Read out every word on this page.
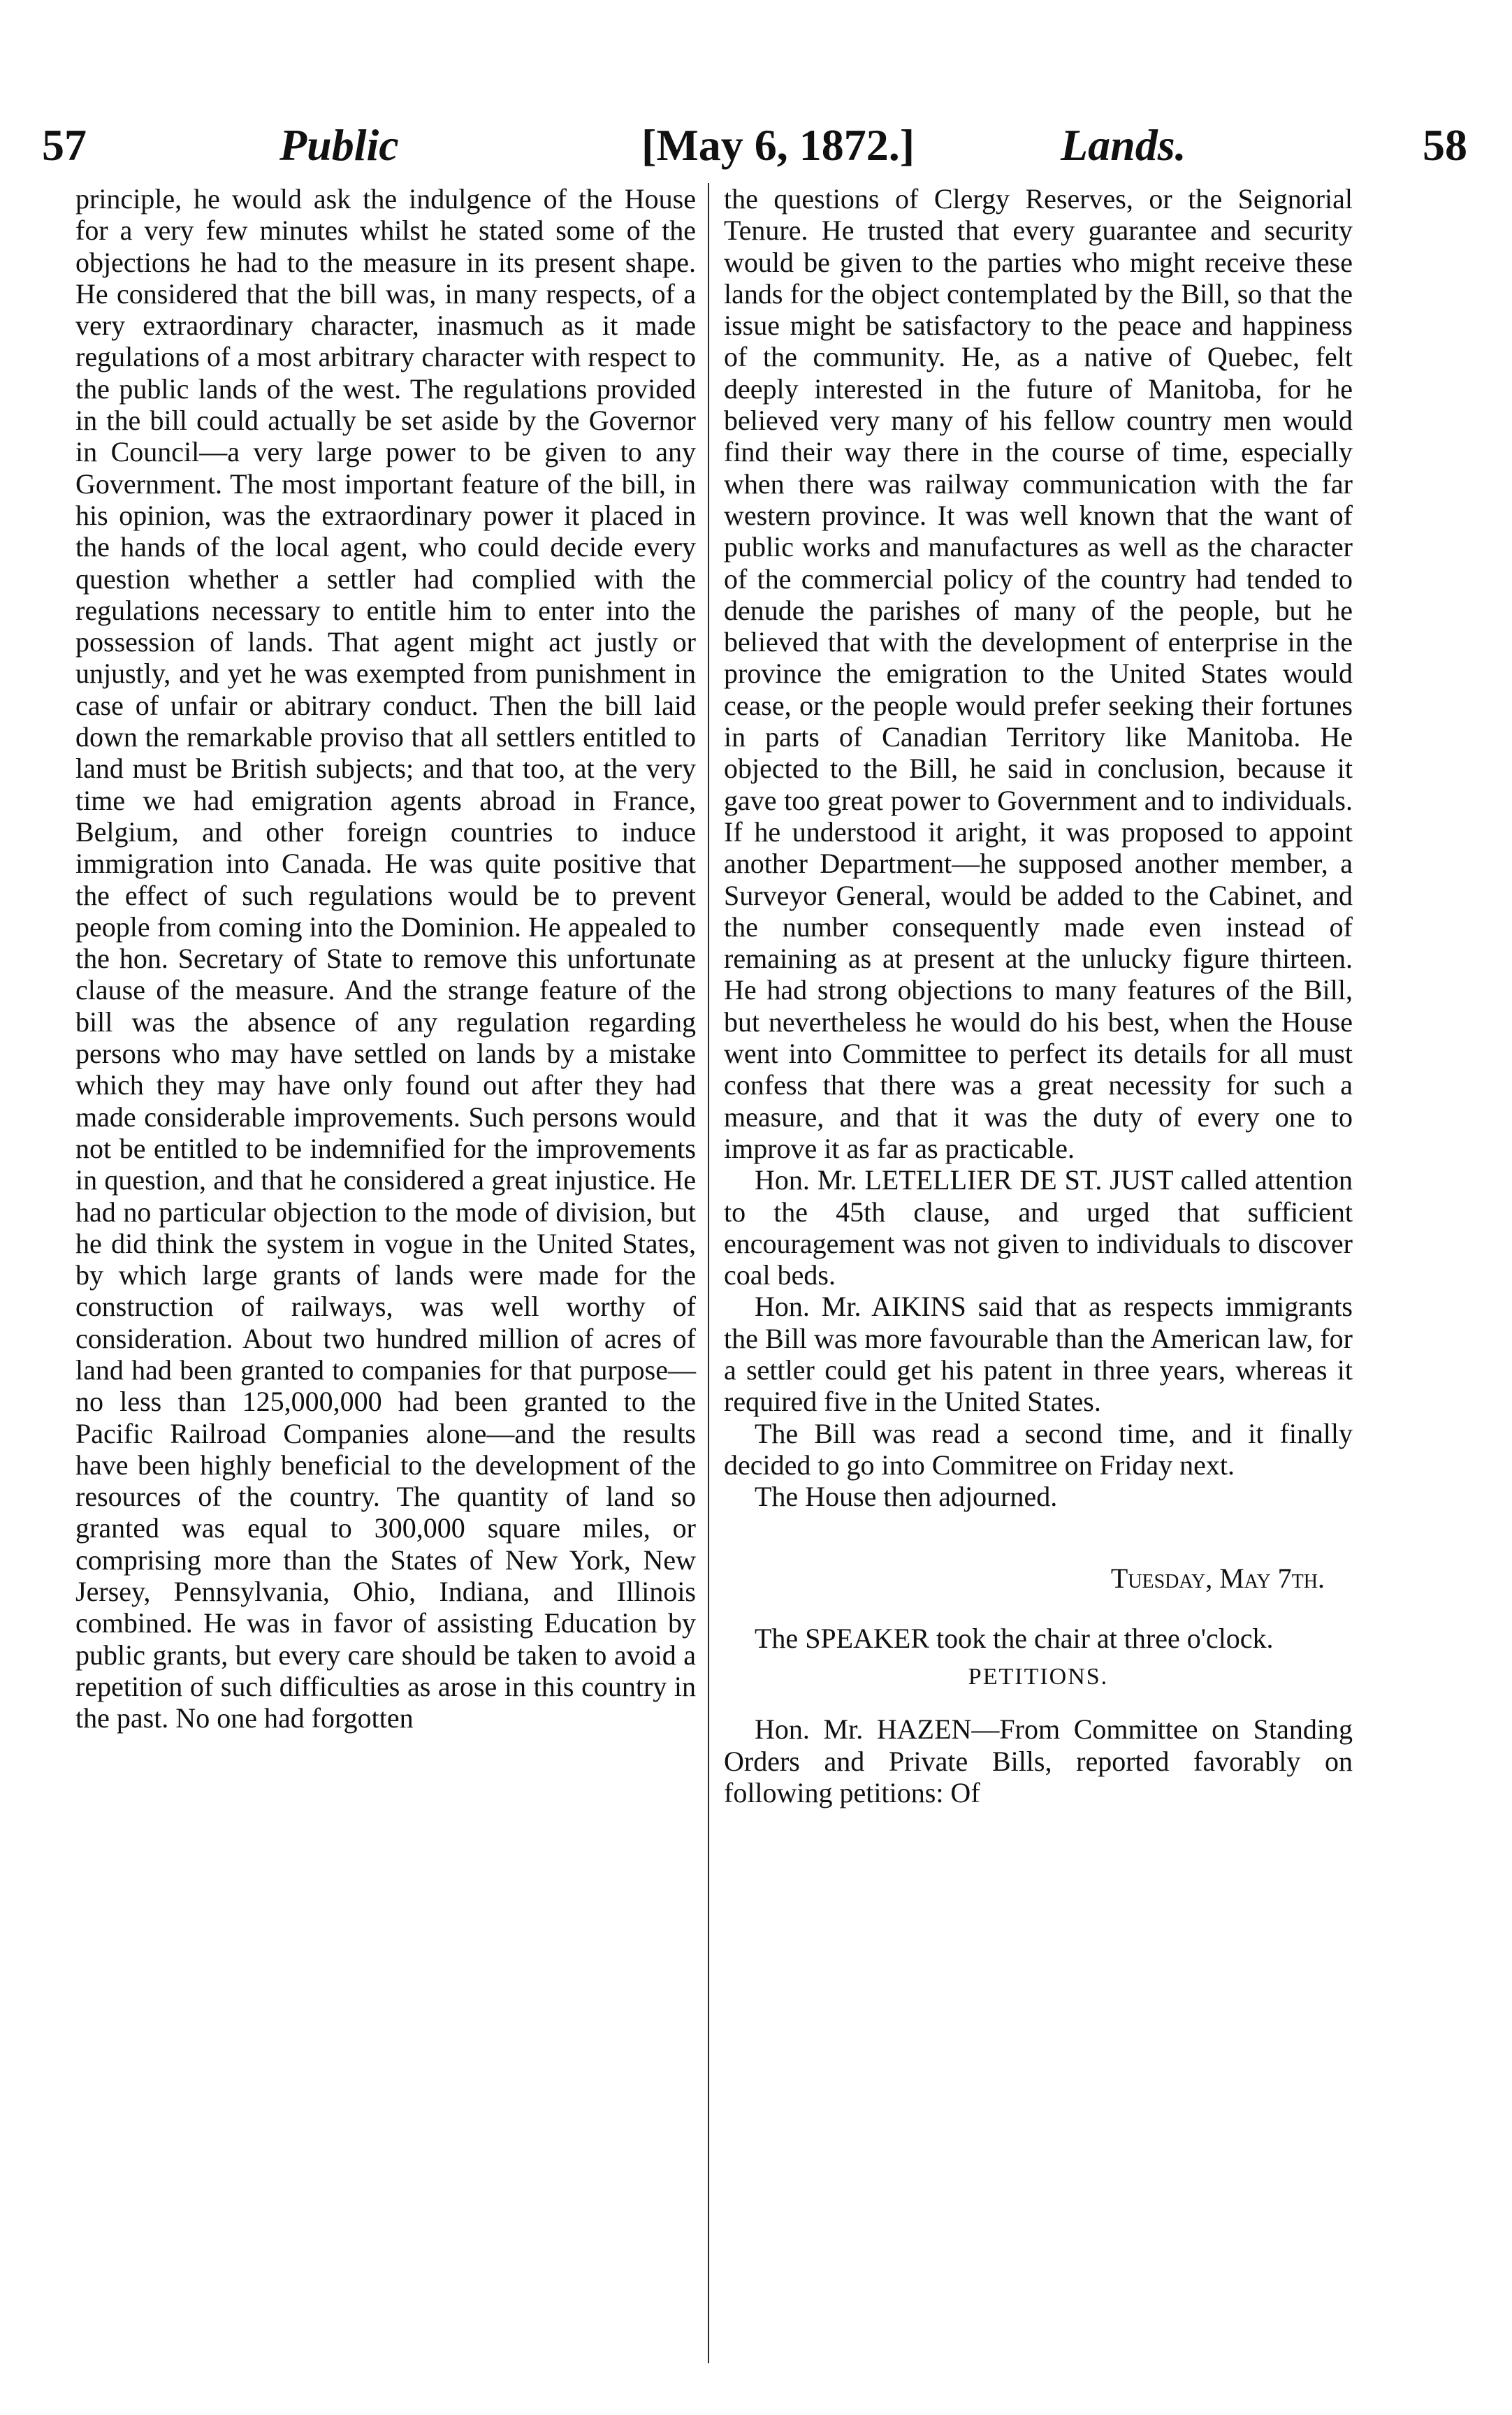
57	Public	[May 6, 1872.]	Lands.	58

principle, he would ask the indulgence of the House for a very few minutes whilst he stated some of the objections he had to the measure in its present shape. He considered that the bill was, in many respects, of a very extraordinary character, inasmuch as it made regulations of a most arbitrary character with respect to the public lands of the west. The regulations provided in the bill could actually be set aside by the Governor in Council—a very large power to be given to any Government. The most important feature of the bill, in his opinion, was the extraordinary power it placed in the hands of the local agent, who could decide every question whether a settler had complied with the regulations necessary to entitle him to enter into the possession of lands. That agent might act justly or unjustly, and yet he was exempted from punishment in case of unfair or abitrary conduct. Then the bill laid down the remarkable proviso that all settlers entitled to land must be British subjects; and that too, at the very time we had emigration agents abroad in France, Belgium, and other foreign countries to induce immigration into Canada. He was quite positive that the effect of such regulations would be to prevent people from coming into the Dominion. He appealed to the hon. Secretary of State to remove this unfortunate clause of the measure. And the strange feature of the bill was the absence of any regulation regarding persons who may have settled on lands by a mistake which they may have only found out after they had made considerable improvements. Such persons would not be entitled to be indemnified for the improvements in question, and that he considered a great injustice. He had no particular objection to the mode of division, but he did think the system in vogue in the United States, by which large grants of lands were made for the construction of railways, was well worthy of consideration. About two hundred million of acres of land had been granted to companies for that purpose—no less than 125,000,000 had been granted to the Pacific Railroad Companies alone—and the results have been highly beneficial to the development of the resources of the country. The quantity of land so granted was equal to 300,000 square miles, or comprising more than the States of New York, New Jersey, Pennsylvania, Ohio, Indiana, and Illinois combined. He was in favor of assisting Education by public grants, but every care should be taken to avoid a repetition of such difficulties as arose in this country in the past. No one had forgotten

the questions of Clergy Reserves, or the Seignorial Tenure. He trusted that every guarantee and security would be given to the parties who might receive these lands for the object contemplated by the Bill, so that the issue might be satisfactory to the peace and happiness of the community. He, as a native of Quebec, felt deeply interested in the future of Manitoba, for he believed very many of his fellow country men would find their way there in the course of time, especially when there was railway communication with the far western province. It was well known that the want of public works and manufactures as well as the character of the commercial policy of the country had tended to denude the parishes of many of the people, but he believed that with the development of enterprise in the province the emigration to the United States would cease, or the people would prefer seeking their fortunes in parts of Canadian Territory like Manitoba. He objected to the Bill, he said in conclusion, because it gave too great power to Government and to individuals. If he understood it aright, it was proposed to appoint another Department—he supposed another member, a Surveyor General, would be added to the Cabinet, and the number consequently made even instead of remaining as at present at the unlucky figure thirteen. He had strong objections to many features of the Bill, but nevertheless he would do his best, when the House went into Committee to perfect its details for all must confess that there was a great necessity for such a measure, and that it was the duty of every one to improve it as far as practicable.

Hon. Mr. LETELLIER DE ST. JUST called attention to the 45th clause, and urged that sufficient encouragement was not given to individuals to discover coal beds.

Hon. Mr. AIKINS said that as respects immigrants the Bill was more favourable than the American law, for a settler could get his patent in three years, whereas it required five in the United States.

The Bill was read a second time, and it finally decided to go into Commitree on Friday next.

The House then adjourned.

Tuesday, May 7th.

The SPEAKER took the chair at three o'clock.

PETITIONS.

Hon. Mr. HAZEN—From Committee on Standing Orders and Private Bills, reported favorably on following petitions: Of
